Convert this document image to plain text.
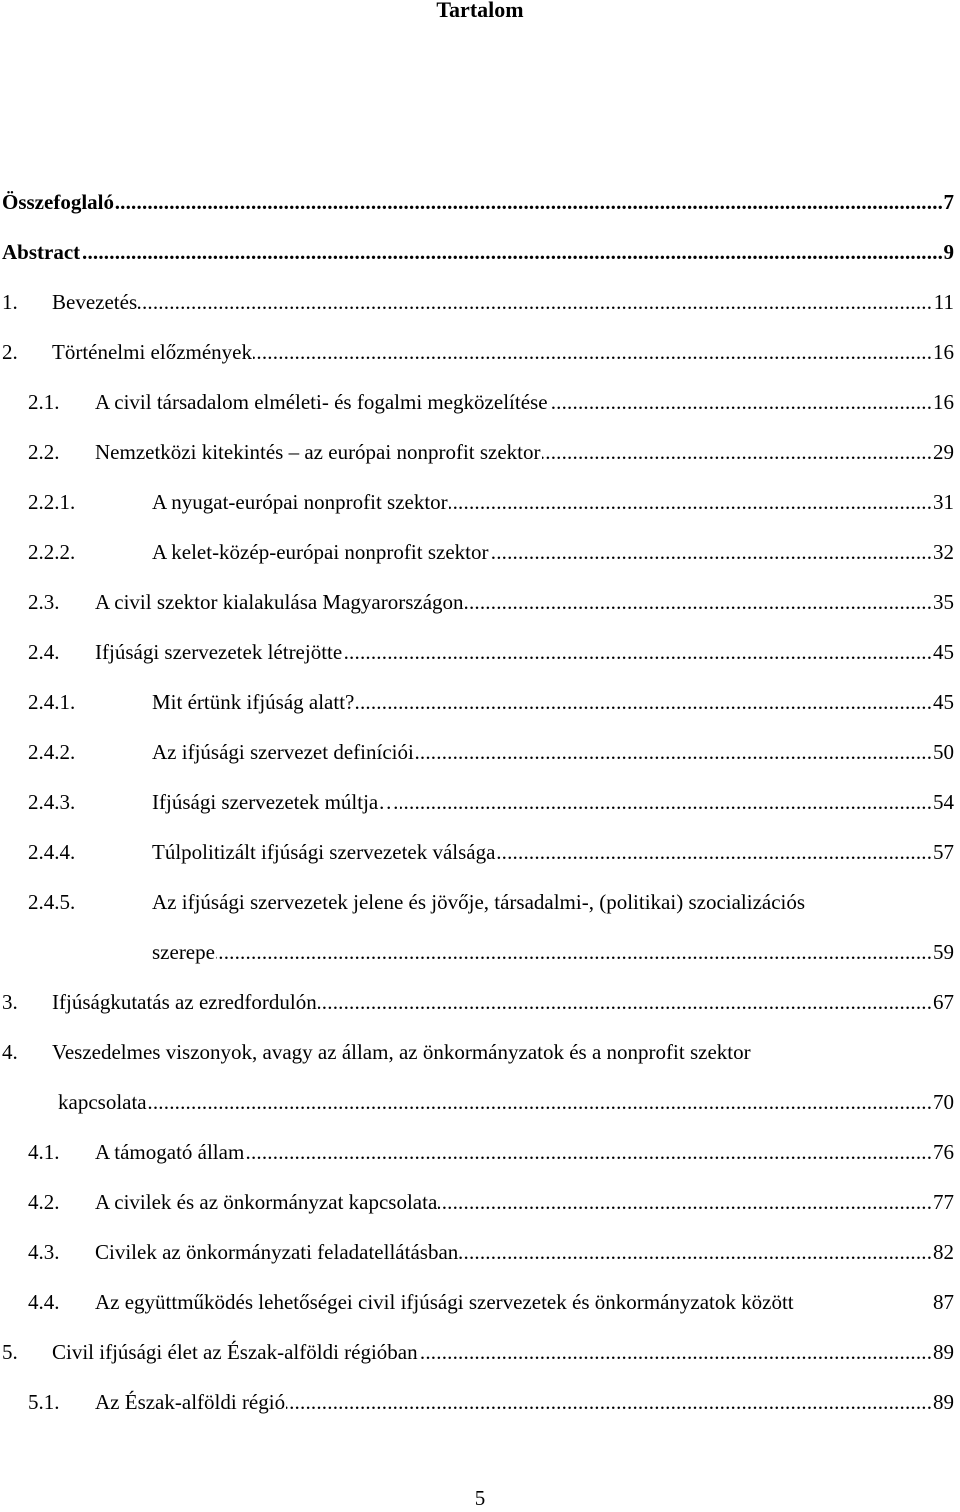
Tartalom
.....
Összefoglaló	7
.....
Abstract	9
.....
1. Bevezetés	11
.....
2. Történelmi előzmények	16
.....
2.1. A civil társadalom elméleti- és fogalmi megközelítése	16
.....
2.2. Nemzetközi kitekintés – az európai nonprofit szektor	29
.....
2.2.1.	A nyugat-európai nonprofit szektor	31
.....
2.2.2.	A kelet-közép-európai nonprofit szektor	32
.....
2.3. A civil szektor kialakulása Magyarországon	35
.....
2.4. Ifjúsági szervezetek létrejötte	45
.....
2.4.1.	Mit értünk ifjúság alatt?	45
.....
2.4.2.	Az ifjúsági szervezet definíciói	50
.....
2.4.3.	Ifjúsági szervezetek múltja…	54
.....
2.4.4.	Túlpolitizált ifjúsági szervezetek válsága	57
2.4.5.	Az ifjúsági szervezetek jelene és jövője, társadalmi-, (politikai) szocializációs
.....
szerepe	59
.....
3. Ifjúságkutatás az ezredfordulón	67
4. Veszedelmes viszonyok, avagy az állam, az önkormányzatok és a nonprofit szektor
.....
kapcsolata	70
.....
4.1. A támogató állam	76
.....
4.2. A civilek és az önkormányzat kapcsolata	77
.....
4.3. Civilek az önkormányzati feladatellátásban	82
4.4. Az együttműködés lehetőségei civil ifjúsági szervezetek és önkormányzatok között	87
.....
5. Civil ifjúsági élet az Észak-alföldi régióban	89
.....
5.1. Az Észak-alföldi régió	89
5
